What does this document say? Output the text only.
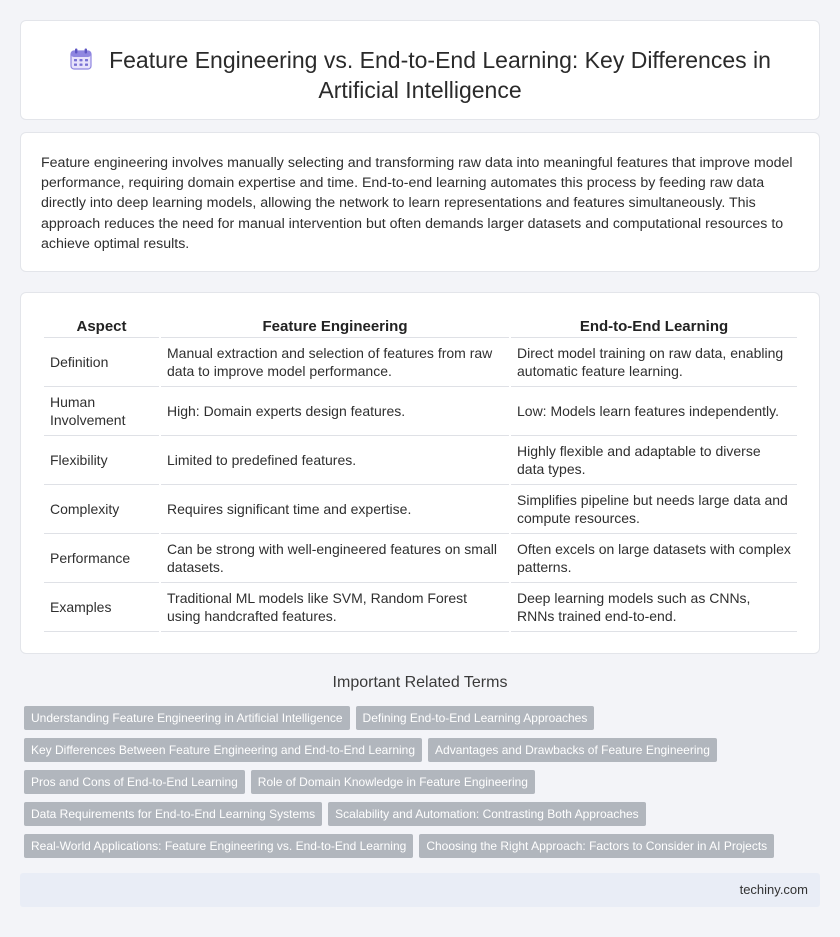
Feature Engineering vs. End-to-End Learning: Key Differences in Artificial Intelligence

Feature engineering involves manually selecting and transforming raw data into meaningful features that improve model performance, requiring domain expertise and time. End-to-end learning automates this process by feeding raw data directly into deep learning models, allowing the network to learn representations and features simultaneously. This approach reduces the need for manual intervention but often demands larger datasets and computational resources to achieve optimal results.

Aspect	Feature Engineering	End-to-End Learning
Definition	Manual extraction and selection of features from raw data to improve model performance.	Direct model training on raw data, enabling automatic feature learning.
Human Involvement	High: Domain experts design features.	Low: Models learn features independently.
Flexibility	Limited to predefined features.	Highly flexible and adaptable to diverse data types.
Complexity	Requires significant time and expertise.	Simplifies pipeline but needs large data and compute resources.
Performance	Can be strong with well-engineered features on small datasets.	Often excels on large datasets with complex patterns.
Examples	Traditional ML models like SVM, Random Forest using handcrafted features.	Deep learning models such as CNNs, RNNs trained end-to-end.
Important Related Terms
Understanding Feature Engineering in Artificial Intelligence Defining End-to-End Learning Approaches
Key Differences Between Feature Engineering and End-to-End Learning Advantages and Drawbacks of Feature Engineering
Pros and Cons of End-to-End Learning Role of Domain Knowledge in Feature Engineering
Data Requirements for End-to-End Learning Systems Scalability and Automation: Contrasting Both Approaches
Real-World Applications: Feature Engineering vs. End-to-End Learning Choosing the Right Approach: Factors to Consider in AI Projects
techiny.com
